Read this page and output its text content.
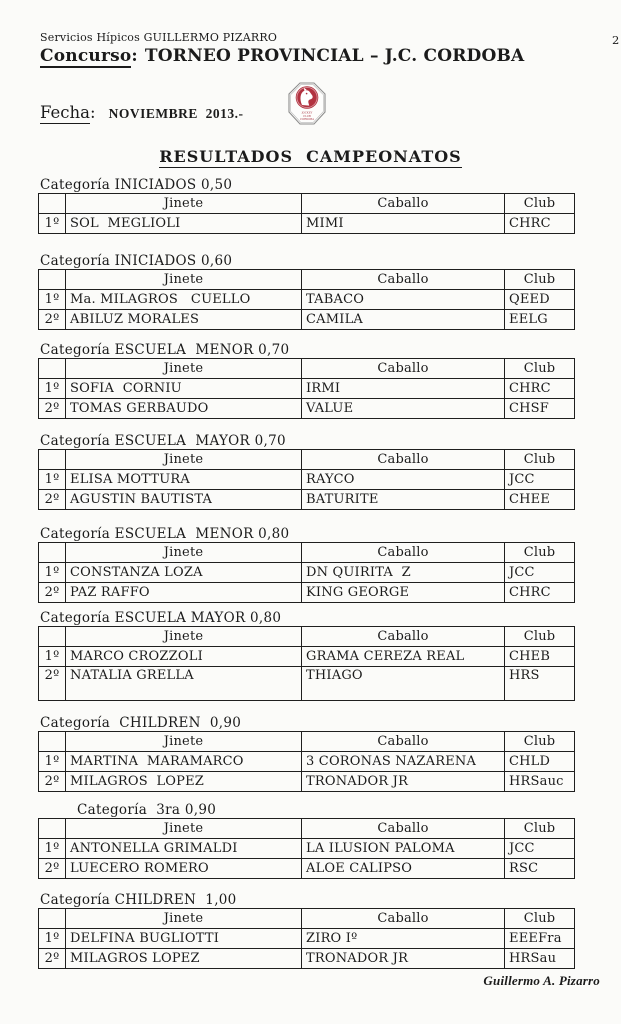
Servicios Hípicos GUILLERMO PIZARRO	2
Concurso: TORNEO PROVINCIAL – J.C. CORDOBA
JOCKEY
CLUB
CORDOBA
Fecha: NOVIEMBRE  2013.-
RESULTADOS  CAMPEONATOS
Categoría INICIADOS 0,50
	Jinete	Caballo	Club
1º	SOL  MEGLIOLI	MIMI	CHRC
Categoría INICIADOS 0,60
	Jinete	Caballo	Club
1º	Ma. MILAGROS   CUELLO	TABACO	QEED
2º	ABILUZ MORALES	CAMILA	EELG
Categoría ESCUELA  MENOR 0,70
	Jinete	Caballo	Club
1º	SOFIA  CORNIU	IRMI	CHRC
2º	TOMAS GERBAUDO	VALUE	CHSF
Categoría ESCUELA  MAYOR 0,70
	Jinete	Caballo	Club
1º	ELISA MOTTURA	RAYCO	JCC
2º	AGUSTIN BAUTISTA	BATURITE	CHEE
Categoría ESCUELA  MENOR 0,80
	Jinete	Caballo	Club
1º	CONSTANZA LOZA	DN QUIRITA  Z	JCC
2º	PAZ RAFFO	KING GEORGE	CHRC
Categoría ESCUELA MAYOR 0,80
	Jinete	Caballo	Club
1º	MARCO CROZZOLI	GRAMA CEREZA REAL	CHEB
2º	NATALIA GRELLA	THIAGO	HRS
Categoría  CHILDREN  0,90
	Jinete	Caballo	Club
1º	MARTINA  MARAMARCO	3 CORONAS NAZARENA	CHLD
2º	MILAGROS  LOPEZ	TRONADOR JR	HRSauc
Categoría  3ra 0,90
	Jinete	Caballo	Club
1º	ANTONELLA GRIMALDI	LA ILUSION PALOMA	JCC
2º	LUECERO ROMERO	ALOE CALIPSO	RSC
Categoría CHILDREN  1,00
	Jinete	Caballo	Club
1º	DELFINA BUGLIOTTI	ZIRO Iº	EEEFra
2º	MILAGROS LOPEZ	TRONADOR JR	HRSau
Guillermo A. Pizarro
